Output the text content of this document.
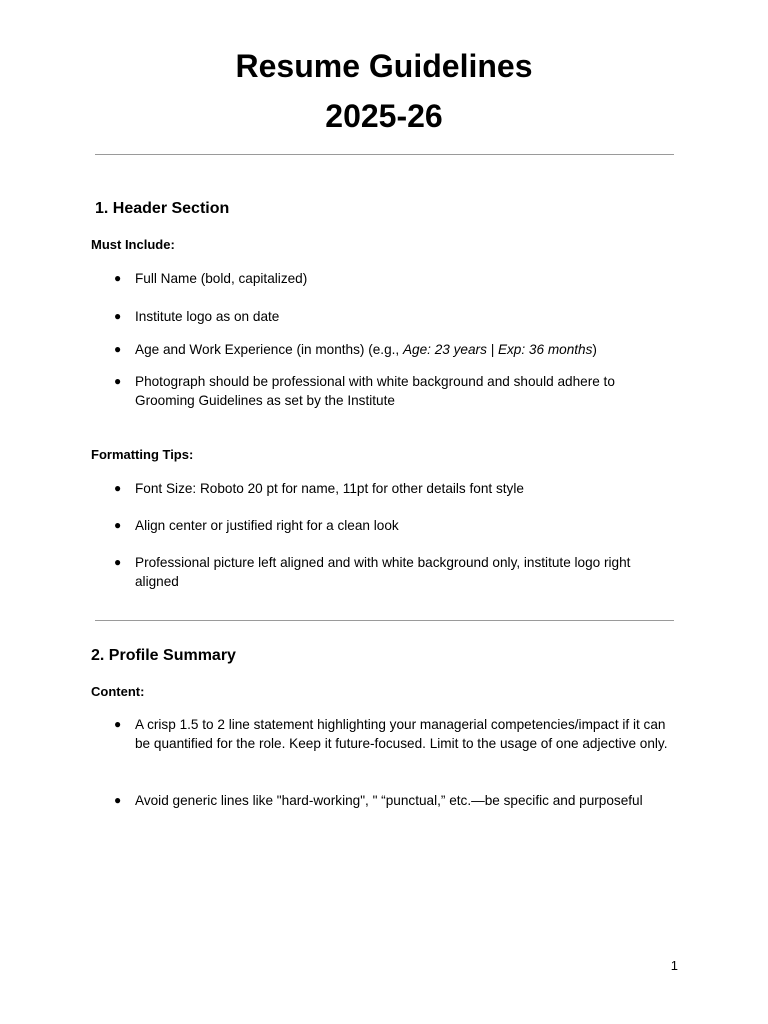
Resume Guidelines
2025-26
1. Header Section

Must Include:

● Full Name (bold, capitalized)
● Institute logo as on date
● Age and Work Experience (in months) (e.g., Age: 23 years | Exp: 36 months)
● Photograph should be professional with white background and should adhere to Grooming Guidelines as set by the Institute

Formatting Tips:

● Font Size: Roboto 20 pt for name, 11pt for other details font style
● Align center or justified right for a clean look
● Professional picture left aligned and with white background only, institute logo right aligned
2. Profile Summary

Content:

● A crisp 1.5 to 2 line statement highlighting your managerial competencies/impact if it can be quantified for the role. Keep it future-focused. Limit to the usage of one adjective only.
● Avoid generic lines like "hard-working", " “punctual,” etc.—be specific and purposeful
1
